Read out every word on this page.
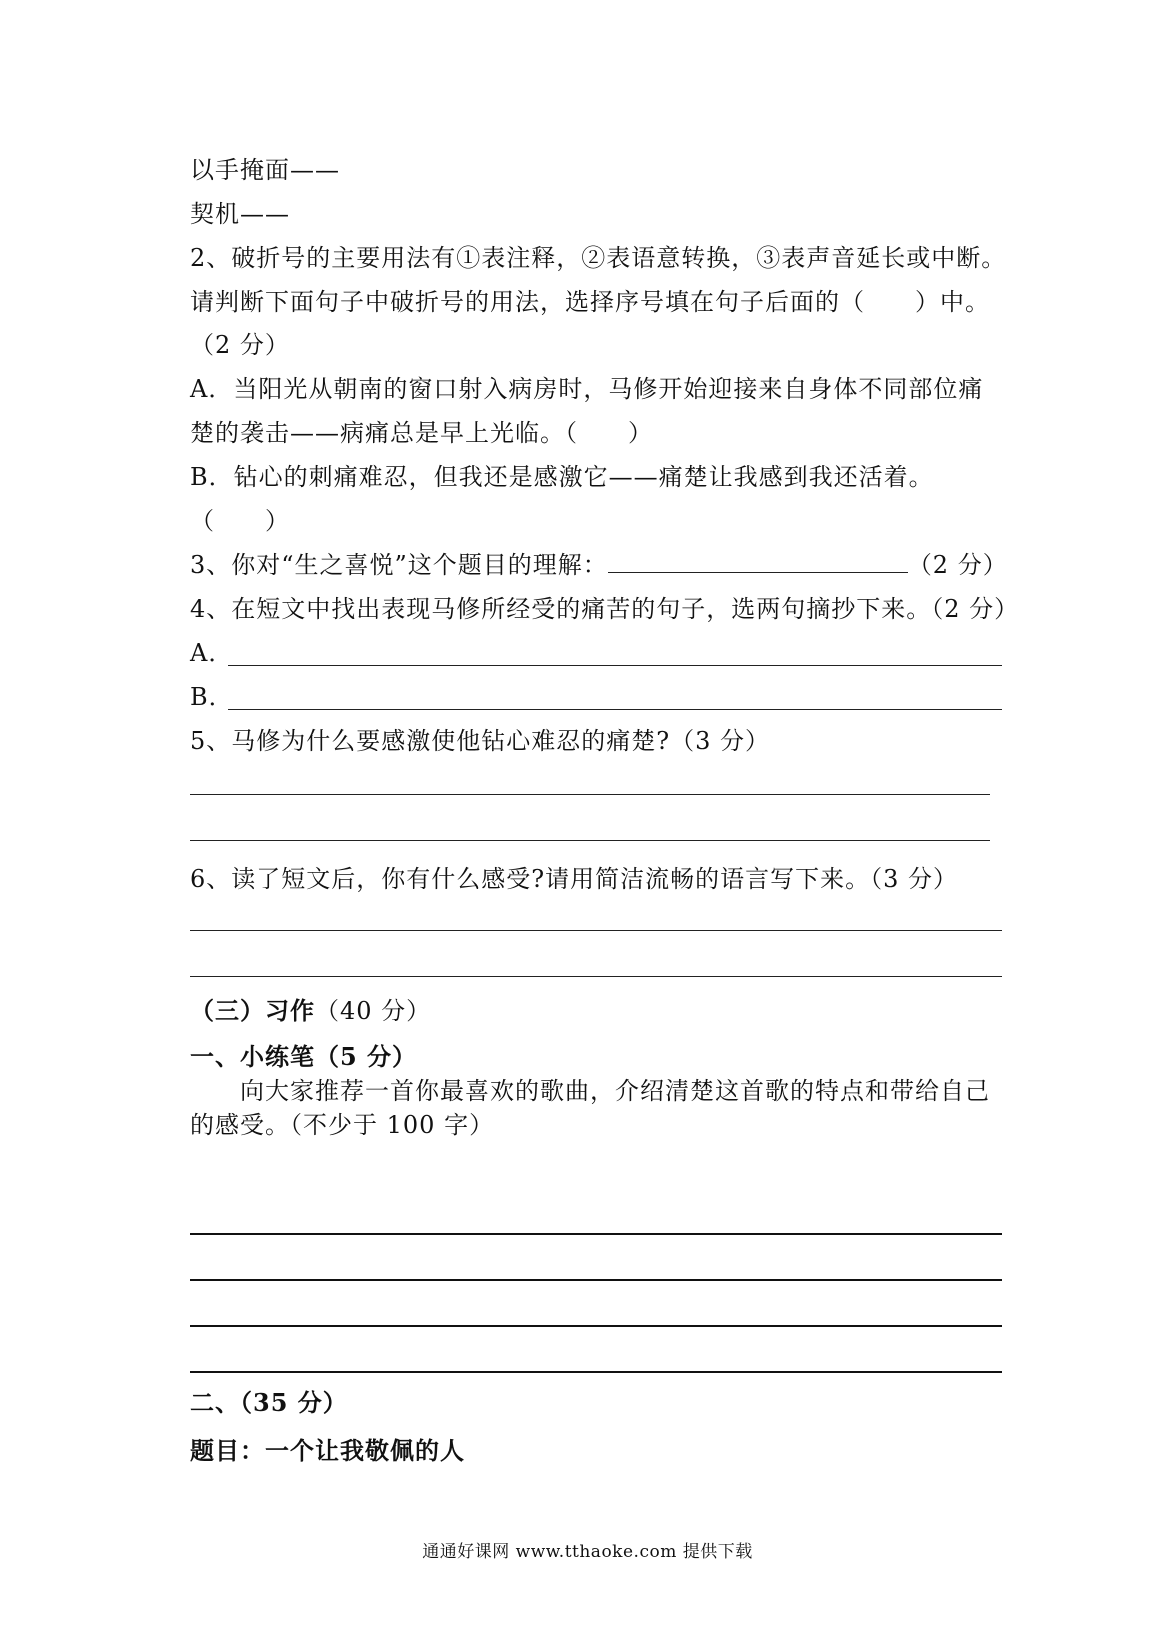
以手掩面——
契机——
2、破折号的主要用法有①表注释，②表语意转换，③表声音延长或中断。
请判断下面句子中破折号的用法，选择序号填在句子后面的（　　）中。
（2 分）
A．当阳光从朝南的窗口射入病房时，马修开始迎接来自身体不同部位痛
楚的袭击——病痛总是早上光临。（　　）
B．钻心的刺痛难忍，但我还是感激它——痛楚让我感到我还活着。
（　　）
3、你对“生之喜悦”这个题目的理解：	（2 分）
4、在短文中找出表现马修所经受的痛苦的句子，选两句摘抄下来。（2 分）
A．
B．
5、马修为什么要感激使他钻心难忍的痛楚?（3 分）
6、读了短文后，你有什么感受?请用简洁流畅的语言写下来。（3 分）
（三）习作（40 分）
一、小练笔（5 分）
向大家推荐一首你最喜欢的歌曲，介绍清楚这首歌的特点和带给自己
的感受。（不少于 100 字）
二、（35 分）
题目：一个让我敬佩的人
通通好课网 www.tthaoke.com 提供下载
